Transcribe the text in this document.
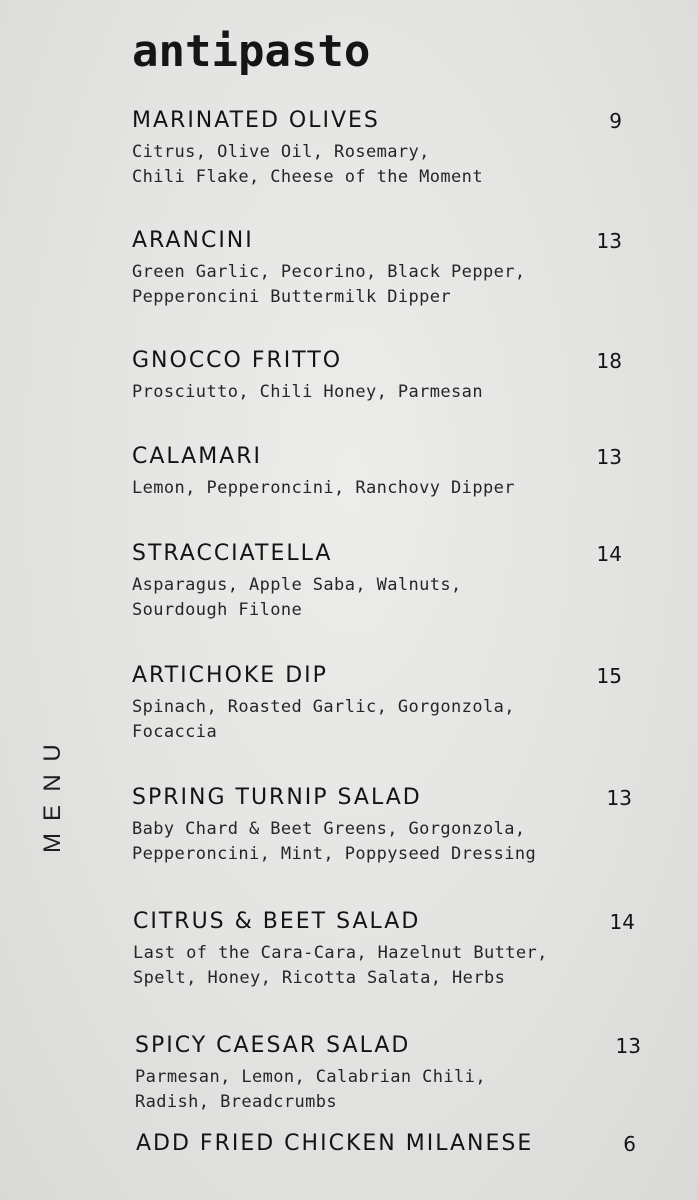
antipasto
U
N
E
M
MARINATED OLIVES	9
Citrus, Olive Oil, Rosemary,
Chili Flake, Cheese of the Moment
ARANCINI	13
Green Garlic, Pecorino, Black Pepper,
Pepperoncini Buttermilk Dipper
GNOCCO FRITTO	18
Prosciutto, Chili Honey, Parmesan
CALAMARI	13
Lemon, Pepperoncini, Ranchovy Dipper
STRACCIATELLA	14
Asparagus, Apple Saba, Walnuts,
Sourdough Filone
ARTICHOKE DIP	15
Spinach, Roasted Garlic, Gorgonzola,
Focaccia
SPRING TURNIP SALAD	13
Baby Chard & Beet Greens, Gorgonzola,
Pepperoncini, Mint, Poppyseed Dressing
CITRUS & BEET SALAD	14
Last of the Cara-Cara, Hazelnut Butter,
Spelt, Honey, Ricotta Salata, Herbs
SPICY CAESAR SALAD	13
Parmesan, Lemon, Calabrian Chili,
Radish, Breadcrumbs
ADD FRIED CHICKEN MILANESE	6
